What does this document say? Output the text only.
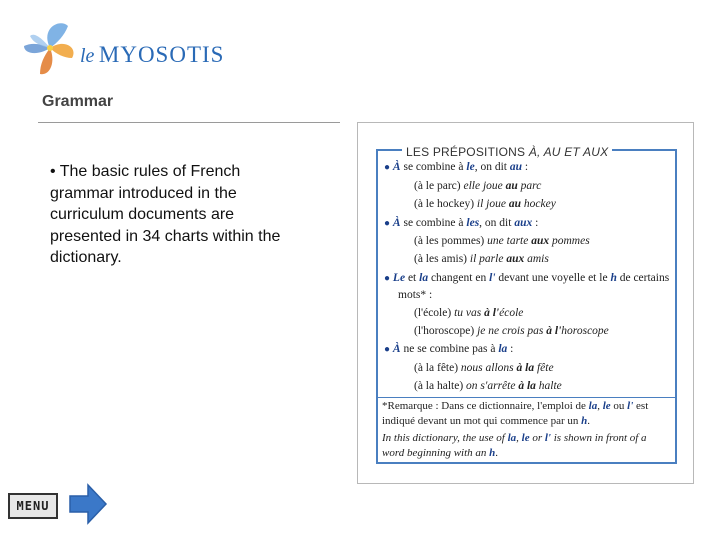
le MYOSOTIS
Grammar
• The basic rules of French grammar introduced in the curriculum documents are presented in 34 charts within the dictionary.
LES PRÉPOSITIONS À, AU ET AUX
● À se combine à le, on dit au :
(à le parc) elle joue au parc
(à le hockey) il joue au hockey
● À se combine à les, on dit aux :
(à les pommes) une tarte aux pommes
(à les amis) il parle aux amis
● Le et la changent en l' devant une voyelle et le h de certains
mots* :
(l'école) tu vas à l'école
(l'horoscope) je ne crois pas à l'horoscope
● À ne se combine pas à la :
(à la fête) nous allons à la fête
(à la halte) on s'arrête à la halte
*Remarque : Dans ce dictionnaire, l'emploi de la, le ou l' est
indiqué devant un mot qui commence par un h.
In this dictionary, the use of la, le or l' is shown in front of a
word beginning with an h.
MENU
